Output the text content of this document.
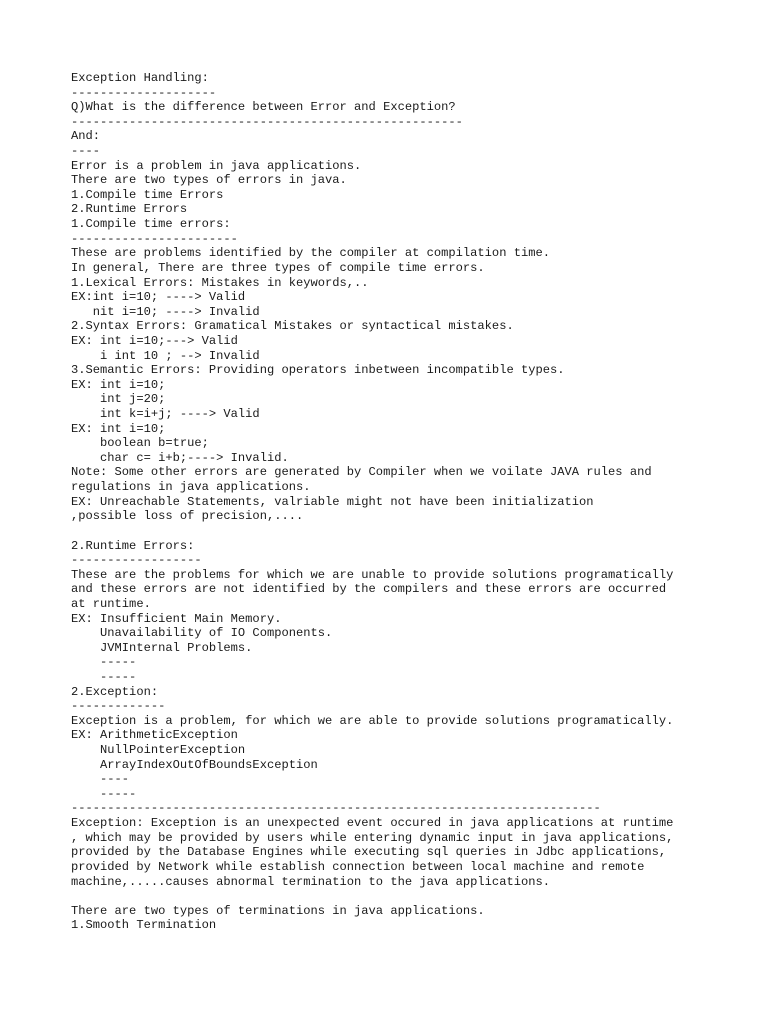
Exception Handling:
--------------------
Q)What is the difference between Error and Exception?
------------------------------------------------------
And:
----
Error is a problem in java applications.
There are two types of errors in java.
1.Compile time Errors
2.Runtime Errors
1.Compile time errors:
-----------------------
These are problems identified by the compiler at compilation time.
In general, There are three types of compile time errors.
1.Lexical Errors: Mistakes in keywords,..
EX:int i=10; ----> Valid
nit i=10; ----> Invalid
2.Syntax Errors: Gramatical Mistakes or syntactical mistakes.
EX: int i=10;---> Valid
i int 10 ; --> Invalid
3.Semantic Errors: Providing operators inbetween incompatible types.
EX: int i=10;
int j=20;
int k=i+j; ----> Valid
EX: int i=10;
boolean b=true;
char c= i+b;----> Invalid.
Note: Some other errors are generated by Compiler when we voilate JAVA rules and
regulations in java applications.
EX: Unreachable Statements, valriable might not have been initialization
,possible loss of precision,....
2.Runtime Errors:
------------------
These are the problems for which we are unable to provide solutions programatically
and these errors are not identified by the compilers and these errors are occurred
at runtime.
EX: Insufficient Main Memory.
Unavailability of IO Components.
JVMInternal Problems.
-----
-----
2.Exception:
-------------
Exception is a problem, for which we are able to provide solutions programatically.
EX: ArithmeticException
NullPointerException
ArrayIndexOutOfBoundsException
----
-----
-------------------------------------------------------------------------
Exception: Exception is an unexpected event occured in java applications at runtime
, which may be provided by users while entering dynamic input in java applications,
provided by the Database Engines while executing sql queries in Jdbc applications,
provided by Network while establish connection between local machine and remote
machine,.....causes abnormal termination to the java applications.
There are two types of terminations in java applications.
1.Smooth Termination
